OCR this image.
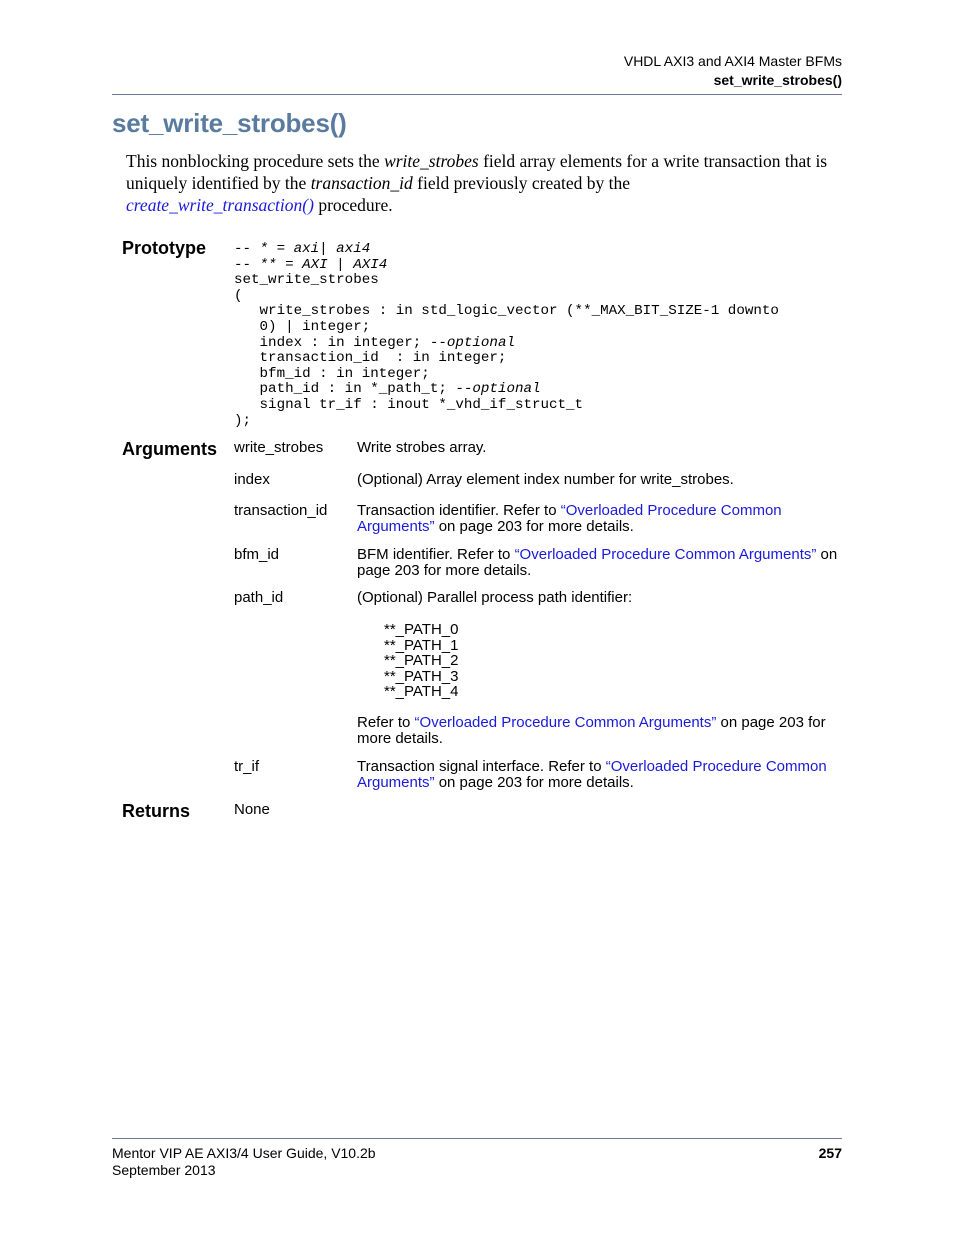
VHDL AXI3 and AXI4 Master BFMs
set_write_strobes()
set_write_strobes()

This nonblocking procedure sets the write_strobes field array elements for a write transaction that is uniquely identified by the transaction_id field previously created by the
create_write_transaction() procedure.

Prototype -- * = axi| axi4
-- ** = AXI | AXI4
set_write_strobes
(
write_strobes : in std_logic_vector (**_MAX_BIT_SIZE-1 downto
0) | integer;
index : in integer; --optional
transaction_id  : in integer;
bfm_id : in integer;
path_id : in *_path_t; --optional
signal tr_if : inout *_vhd_if_struct_t
);
Arguments write_strobes Write strobes array.
index	(Optional) Array element index number for write_strobes.
transaction_id Transaction identifier. Refer to “Overloaded Procedure Common Arguments” on page 203 for more details.
bfm_id	BFM identifier. Refer to “Overloaded Procedure Common Arguments” on page 203 for more details.
path_id	(Optional) Parallel process path identifier:
**_PATH_0
**_PATH_1
**_PATH_2
**_PATH_3
**_PATH_4
Refer to “Overloaded Procedure Common Arguments” on page 203 for more details.
tr_if	Transaction signal interface. Refer to “Overloaded Procedure Common Arguments” on page 203 for more details.
Returns	None
Mentor VIP AE AXI3/4 User Guide, V10.2b
September 2013
257
